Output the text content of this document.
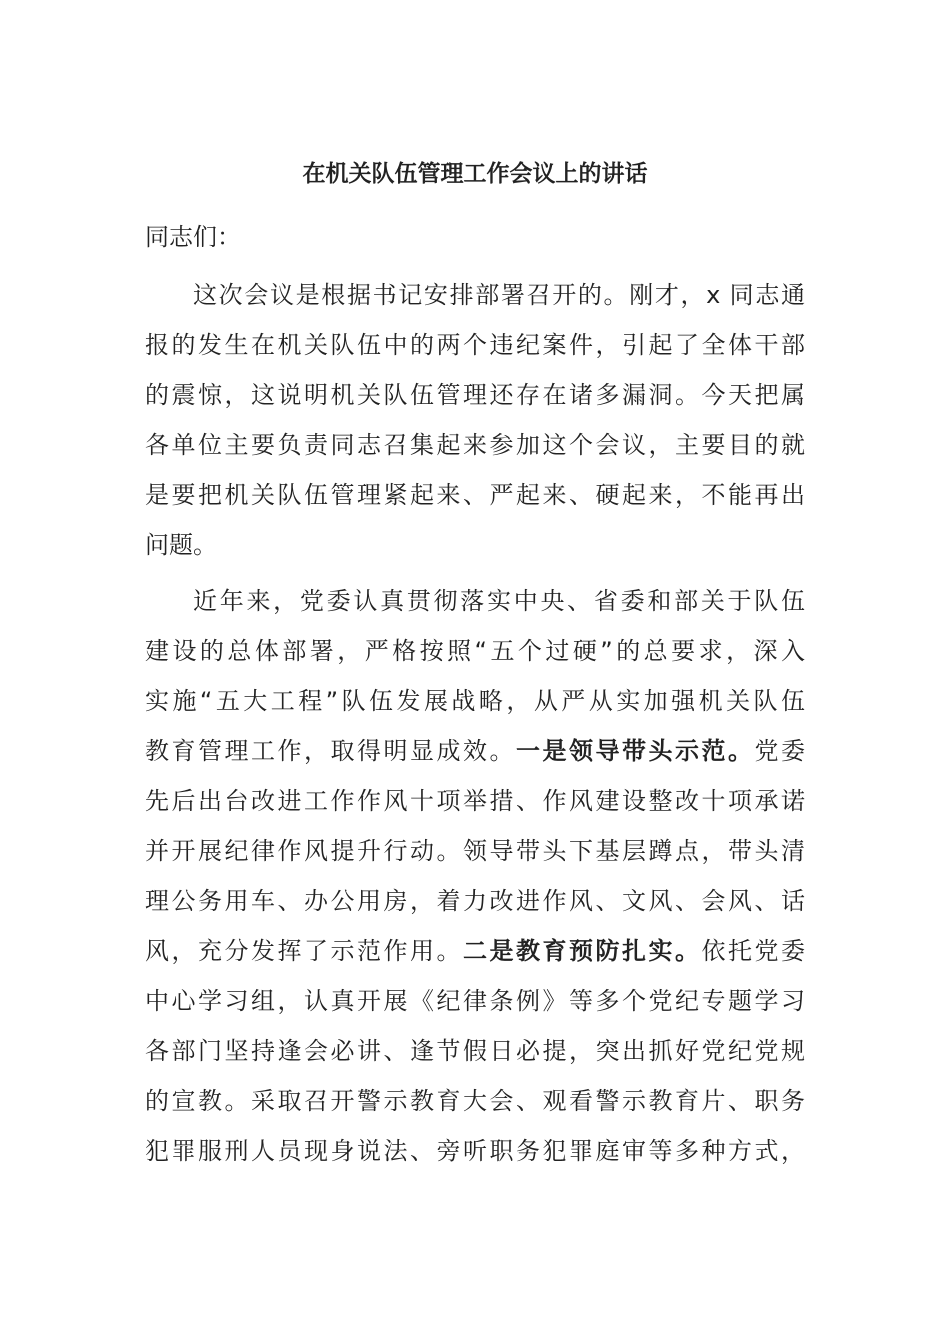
在机关队伍管理工作会议上的讲话

同志们：

这次会议是根据书记安排部署召开的。刚才，x 同志通
报的发生在机关队伍中的两个违纪案件，引起了全体干部
的震惊，这说明机关队伍管理还存在诸多漏洞。今天把属
各单位主要负责同志召集起来参加这个会议，主要目的就
是要把机关队伍管理紧起来、严起来、硬起来，不能再出
问题。
近年来，党委认真贯彻落实中央、省委和部关于队伍
建设的总体部署，严格按照“五个过硬”的总要求，深入
实施“五大工程”队伍发展战略，从严从实加强机关队伍
教育管理工作，取得明显成效。一是领导带头示范。党委
先后出台改进工作作风十项举措、作风建设整改十项承诺
并开展纪律作风提升行动。领导带头下基层蹲点，带头清
理公务用车、办公用房，着力改进作风、文风、会风、话
风，充分发挥了示范作用。二是教育预防扎实。依托党委
中心学习组，认真开展《纪律条例》等多个党纪专题学习
各部门坚持逢会必讲、逢节假日必提，突出抓好党纪党规
的宣教。采取召开警示教育大会、观看警示教育片、职务
犯罪服刑人员现身说法、旁听职务犯罪庭审等多种方式，
